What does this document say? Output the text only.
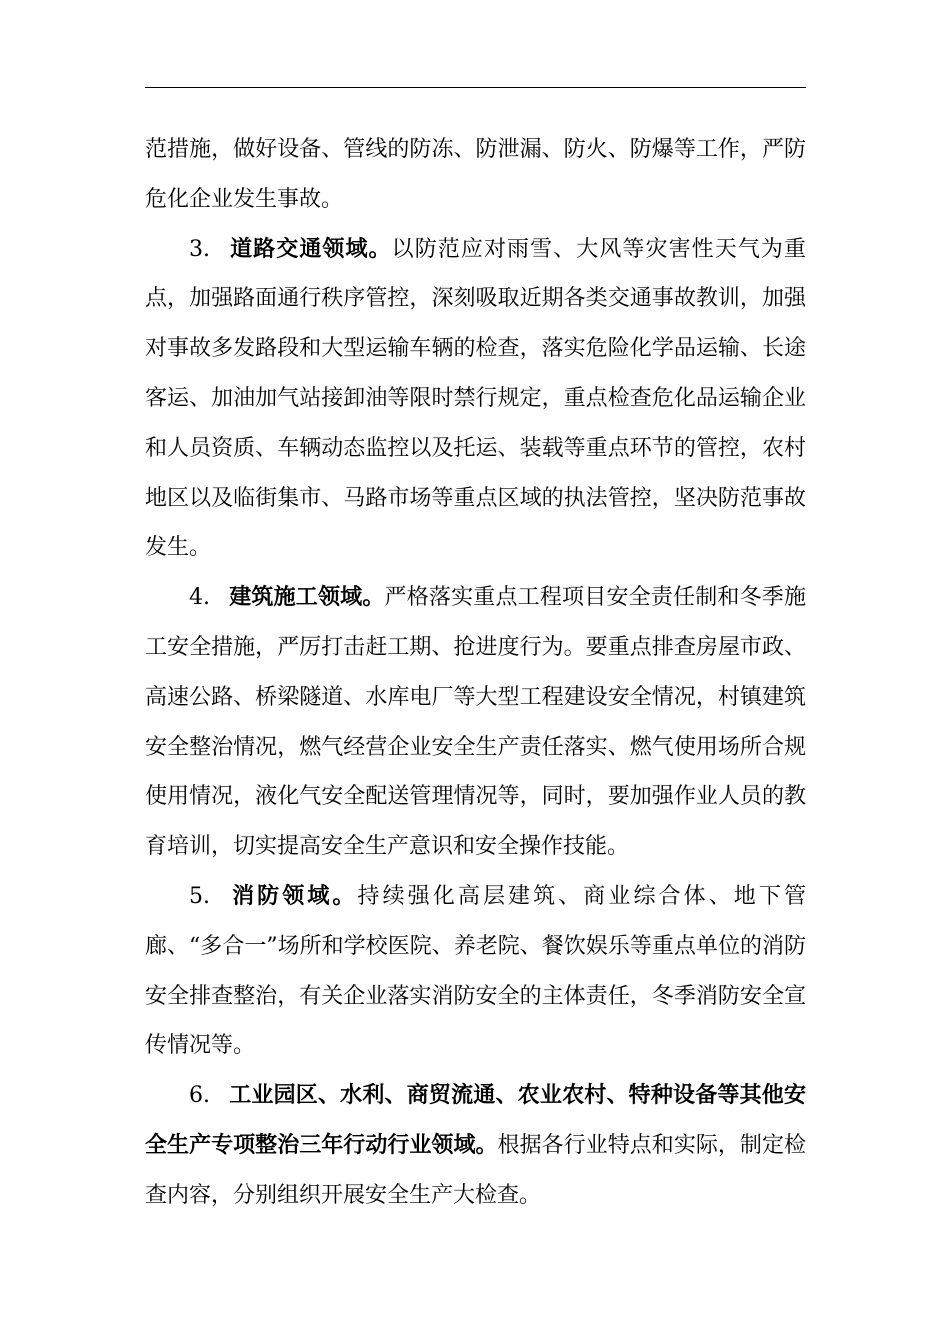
范措施，做好设备、管线的防冻、防泄漏、防火、防爆等工作，严防危化企业发生事故。

3. 道路交通领域。以防范应对雨雪、大风等灾害性天气为重点，加强路面通行秩序管控，深刻吸取近期各类交通事故教训，加强对事故多发路段和大型运输车辆的检查，落实危险化学品运输、长途客运、加油加气站接卸油等限时禁行规定，重点检查危化品运输企业和人员资质、车辆动态监控以及托运、装载等重点环节的管控，农村地区以及临街集市、马路市场等重点区域的执法管控，坚决防范事故发生。

4. 建筑施工领域。严格落实重点工程项目安全责任制和冬季施工安全措施，严厉打击赶工期、抢进度行为。要重点排查房屋市政、高速公路、桥梁隧道、水库电厂等大型工程建设安全情况，村镇建筑安全整治情况，燃气经营企业安全生产责任落实、燃气使用场所合规使用情况，液化气安全配送管理情况等，同时，要加强作业人员的教育培训，切实提高安全生产意识和安全操作技能。

5. 消防领域。持续强化高层建筑、商业综合体、地下管廊、“多合一”场所和学校医院、养老院、餐饮娱乐等重点单位的消防安全排查整治，有关企业落实消防安全的主体责任，冬季消防安全宣传情况等。

6. 工业园区、水利、商贸流通、农业农村、特种设备等其他安全生产专项整治三年行动行业领域。根据各行业特点和实际，制定检查内容，分别组织开展安全生产大检查。
